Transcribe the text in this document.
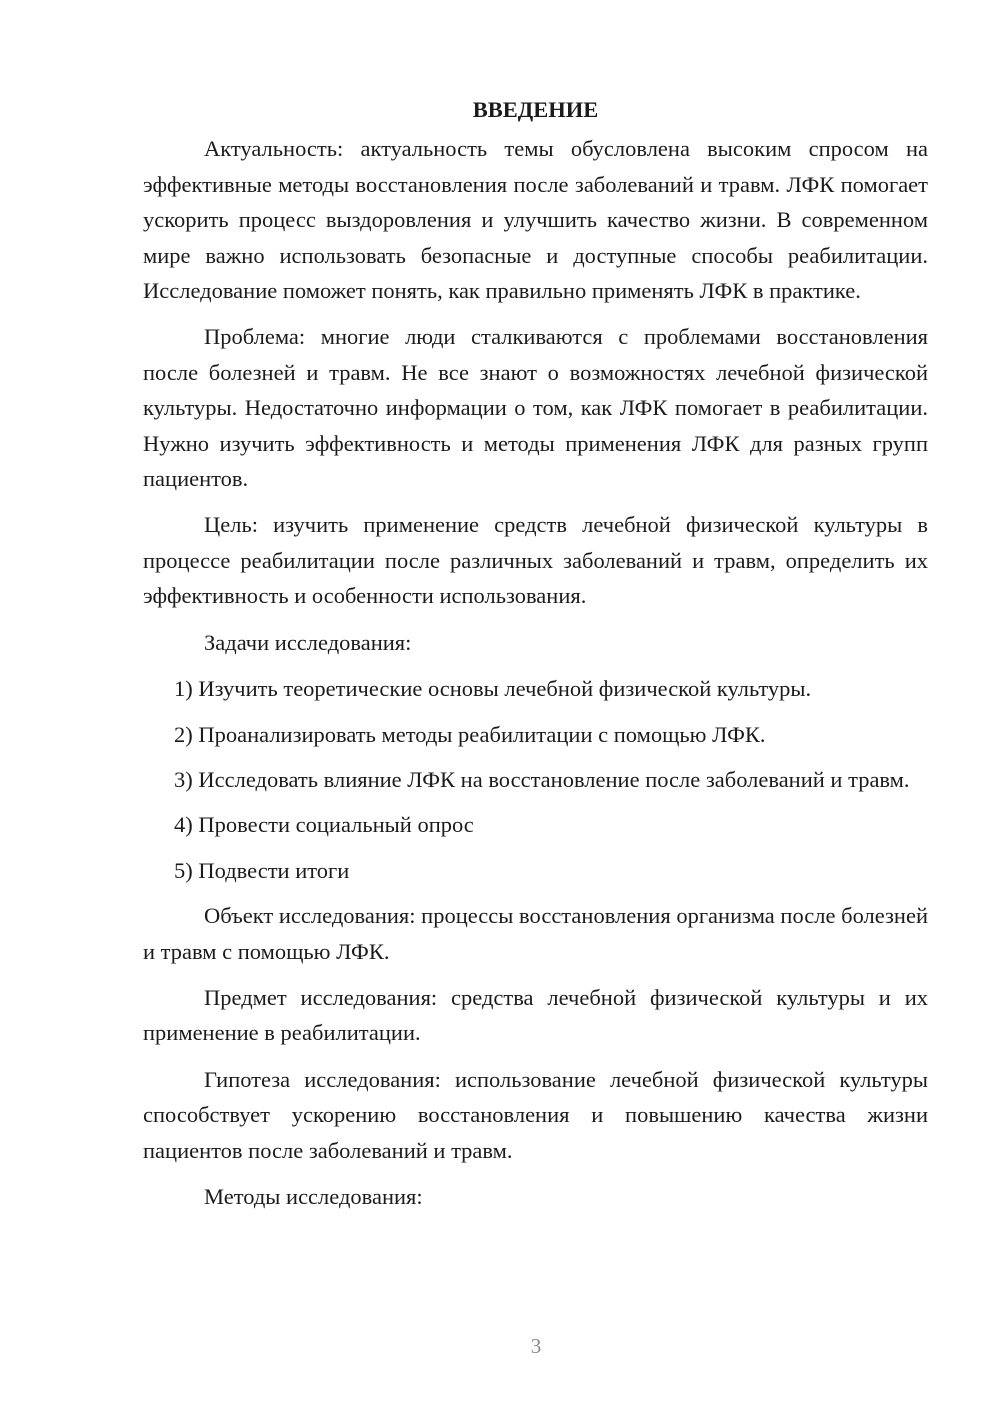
ВВЕДЕНИЕ

Актуальность: актуальность темы обусловлена высоким спросом на эффективные методы восстановления после заболеваний и травм. ЛФК помогает ускорить процесс выздоровления и улучшить качество жизни. В современном мире важно использовать безопасные и доступные способы реабилитации. Исследование поможет понять, как правильно применять ЛФК в практике.

Проблема: многие люди сталкиваются с проблемами восстановления после болезней и травм. Не все знают о возможностях лечебной физической культуры. Недостаточно информации о том, как ЛФК помогает в реабилитации. Нужно изучить эффективность и методы применения ЛФК для разных групп пациентов.

Цель: изучить применение средств лечебной физической культуры в процессе реабилитации после различных заболеваний и травм, определить их эффективность и особенности использования.

Задачи исследования:

1) Изучить теоретические основы лечебной физической культуры.

2) Проанализировать методы реабилитации с помощью ЛФК.

3) Исследовать влияние ЛФК на восстановление после заболеваний и травм.

4) Провести социальный опрос

5) Подвести итоги

Объект исследования: процессы восстановления организма после болезней и травм с помощью ЛФК.

Предмет исследования: средства лечебной физической культуры и их применение в реабилитации.

Гипотеза исследования: использование лечебной физической культуры способствует ускорению восстановления и повышению качества жизни пациентов после заболеваний и травм.

Методы исследования:

3
